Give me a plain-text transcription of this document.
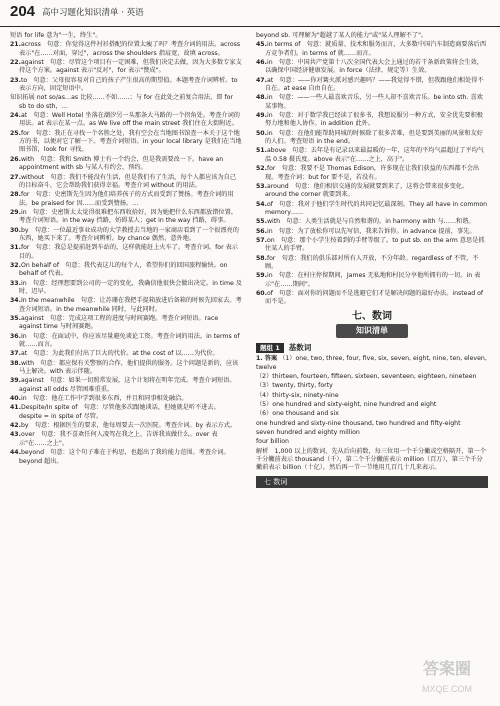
204 高中习题化知识清单 · 英语
短语 for life 意为"一生，终生"。
21.across　句意：你觉得这件衬衫搭配的位置太瘦了吗？考查介词的用法。across 表示"在……对面，穿过"，across the shoulders 指肩宽，故填 across。
22.against　句意：尽管这个项目有一定困难，但我们决定去做，因为大多数专家支持这个方案。against 表示"反对"，for 表示"赞成"。
23.to　句意：父母很容易对自己的孩子产生很高的期望值。本题考查介词辨析。to 表示方向，固定短语中。
知识拓展 not so/as…as 比较……不如……；与 for 在此处之前复合用法，即 for sb to do sth，…
24.at　句意：Well Hotel 坐落在潮汐另一头那条大马路的一个拐角处。考查介词的用法。at 表示在某一点。as We live off the main street 我们住在大街附近。
25.for　句意：我正在寻找一个名胜之处，我有空会在当地图书馆查一本关于这个地方的书，以便对它了解一下。考查介词短语。in your local library 是我们在当地图书馆，look for 寻找。
26.with　句意：我和 Smith 博士有一个约会，但是我需要改一下。have an appointment with sb 与某人有约会，预约。
27.without　句意：我们不能没有生活，但是我们有了生活，每个人都应该为自己的目标奋斗，它会帮助我们获得幸福。考查介词 without 的用法。
28.for　句意：史密斯先生因为他们培养孩子的方式而受到了赞扬。考查介词的用法。be praised for 因……而受到赞扬。…
29.in　句意：史密斯太太觉得很难把东西收拾好，因为她把什么东西都放错位置。考查介词短语。in the way 挡路，妨碍某人；get in the way 挡路，碍事。
30.by　句意：一位最近事业成功的大学教授去当地的一家商店看到了一个很漂亮的东西，她买下来了。考查介词辨析。by chance 偶然，意外地。
31.for　句意：我总是提前赶到车站的，这样就能赶上火车了。考查介词。for 表示目的。
32.On behalf of　句意：我代表这儿的每个人，希望你们的回国旅程愉快。on behalf of 代表。
33.in　句意：经理想要到公司的一定的变化，我确信他很快会做出决定。in time 及时，迟早。
34.In the meanwhile　句意：让苏珊在我把手提箱放进后备箱的时候先回家去。考查介词短语。in the meanwhile 同时，与此同时。
35.against　句意：完成这项工程的进度与时间赛跑。考查介词短语。race against time 与时间赛跑。
36.In　句意：在面试中，你应该尽量避免谈论工资。考查介词的用法。in terms of 就……而言。
37.at　句意：为此我们付出了巨大的代价。at the cost of 以……为代价。
38.with　句意：都应保有关警察的合作，他们提供的服务。这个问题是新的，应该马上解决。with 表示伴随。
39.against　句意：如果一切照常发展，这个计划将在明年完成。考查介词短语。against all odds 尽管困难重重。
40.in　句意：他在工作中学到很多东西，并且和同事相处融洽。
41.Despite/In spite of　句意：尽管他多次跟她谈话，但她就是听不进去。despite = in spite of 尽管。
42.by　句意：根据医生的要求，他每周要去一次医院。考查介词。by 表示方式。
43.over　句意：我不喜欢任何人凌驾在我之上，告诉我该做什么。over 表示"在……之上"。
44.beyond　句意：这个句子难在于构思，也超出了我的能力范围。考查介词。beyond 超出。
beyond sb. 可理解为"超越了某人的能力"或"某人理解不了"。
45.in terms of　句意：就质量、技术和服务而言，大多数中国汽车制造商要落后西方竞争者们。in terms of 就……而言。
46.in　句意：中国共产党第十八次全国代表大会上通过的若干条新政策将会生效，以确保中国经济健康发展。in force（法律、规定等）生效。
47.at　句意：——你对篝火派对感兴趣吗？——我觉得不错，但我跟他们相处得不自在。at ease 自由自在。
48.in　句意：——一些人最喜欢音乐，另一些人却不喜欢音乐。be into sth. 喜欢某事物。
49.in　句意：对于数学我已经读了很多书，我想说服另一种方式，安全优先要积极努力地和他人协作。in addition 此外。
50.in　句意：在他们能帮助同城的时候除了很多苦难，但是要到美丽的风景和友好的人们。考查短语 in the end。
51.above　句意：去年是有记录以来最温暖的一年，这年的平均气温超过了平均气温 0.58 摄氏度。above 表示"在……之上，高于"。
52.for　句意：我要不是 Thomas Edison，许多现在让我们获益的东西都不会出现。考查介词：but for 要不是，若没有。
53.around　句意：他们相信交通的发展就要到来了，这将会带来很多变化。around the corner 就要到来。
54.of　句意：我对于他们学生时代的共同记忆最深刻。They all have in common memory……
55.with　句意：人类生活就是与自然和谐的。in harmony with 与……和谐。
56.in　句意：为了放松你可以先写信，我来告诉你。in advance 提前，事先。
57.on　句意：那个小学生按着到的手臂等级了。to put sb. on the arm 意思是抓住某人的手臂。
58.for　句意：我们的俱乐部对所有人开放，不分年龄。regardless of 不管，不顾。
59.in　句意：在村庄停留期间，James 无私地和村民分享他所拥有的一切。in 表示"在……期间"。
60.of　句意：面对你的问题而不是逃避它们才是解决问题的最好办法。instead of 而不是。
七、数词
知识清单
题组 1	基数词
1. 答案 （1）one, two, three, four, five, six, seven, eight, nine, ten, eleven, twelve
（2）thirteen, fourteen, fifteen, sixteen, seventeen, eighteen, nineteen
（3）twenty, thirty, forty
（4）thirty-six, ninety-nine
（5）one hundred and sixty-eight, nine hundred and eight
（6）one thousand and six
one hundred and sixty-nine thousand, two hundred and fifty-eight
seven hundred and eighty million
four billion
解析　1,000 以上的数词，先从后向前数，每三位用一个千分撇或空格隔开，第一个千分撇前表示 thousand（千），第二个千分撇前表示 million（百万），第三个千分撇前表示 billion（十亿），然后再一节一节地用几百几十几来表示。
七 数词
答案圈
MXQE.COM
